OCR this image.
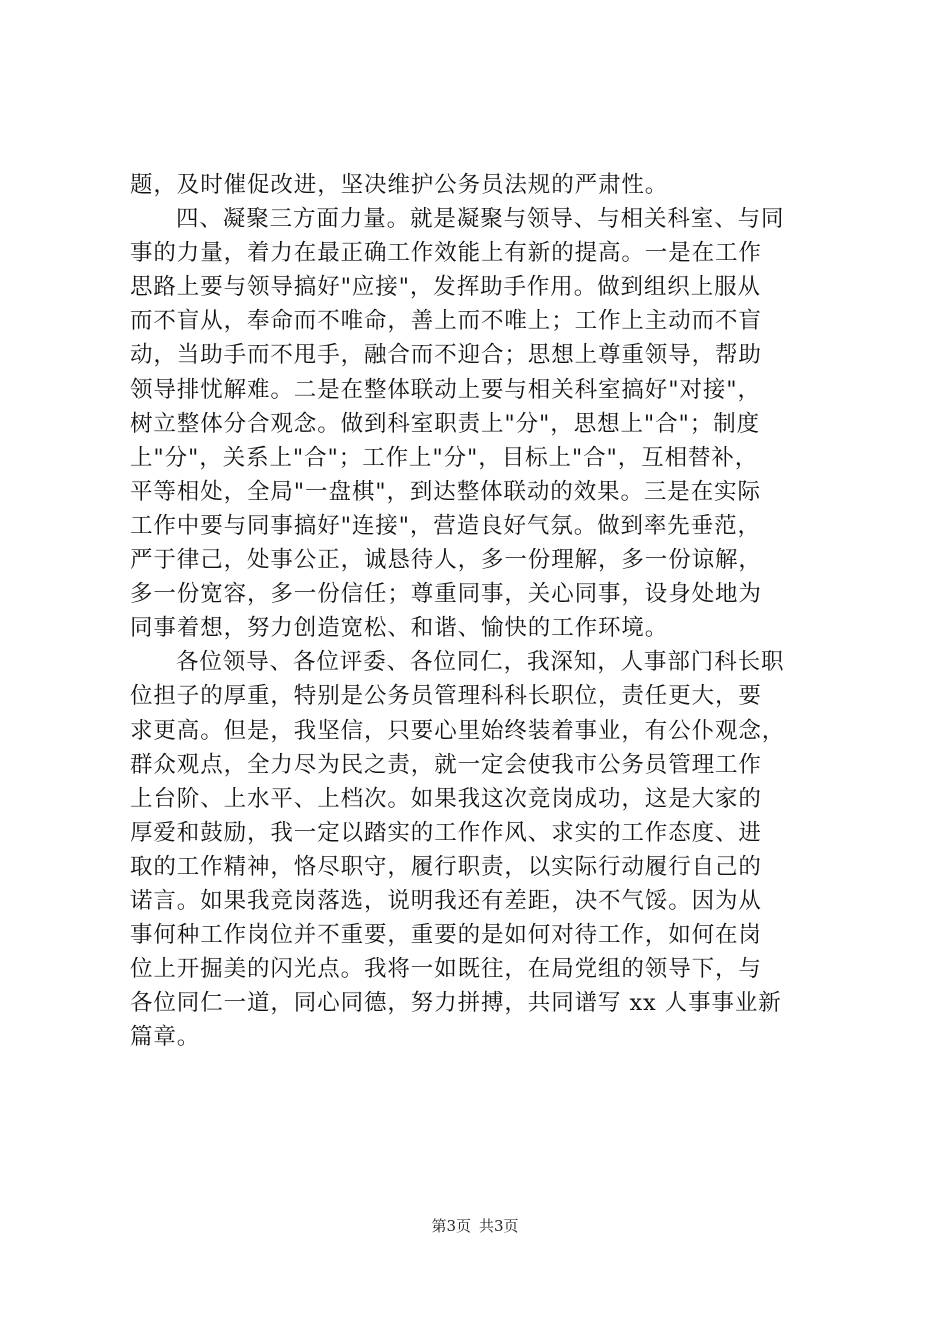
题，及时催促改进，坚决维护公务员法规的严肃性。
四、凝聚三方面力量。就是凝聚与领导、与相关科室、与同
事的力量，着力在最正确工作效能上有新的提高。一是在工作
思路上要与领导搞好"应接"，发挥助手作用。做到组织上服从
而不盲从，奉命而不唯命，善上而不唯上；工作上主动而不盲
动，当助手而不甩手，融合而不迎合；思想上尊重领导，帮助
领导排忧解难。二是在整体联动上要与相关科室搞好"对接"，
树立整体分合观念。做到科室职责上"分"，思想上"合"；制度
上"分"，关系上"合"；工作上"分"，目标上"合"，互相替补，
平等相处，全局"一盘棋"，到达整体联动的效果。三是在实际
工作中要与同事搞好"连接"，营造良好气氛。做到率先垂范，
严于律己，处事公正，诚恳待人，多一份理解，多一份谅解，
多一份宽容，多一份信任；尊重同事，关心同事，设身处地为
同事着想，努力创造宽松、和谐、愉快的工作环境。
各位领导、各位评委、各位同仁，我深知，人事部门科长职
位担子的厚重，特别是公务员管理科科长职位，责任更大，要
求更高。但是，我坚信，只要心里始终装着事业，有公仆观念，
群众观点，全力尽为民之责，就一定会使我市公务员管理工作
上台阶、上水平、上档次。如果我这次竞岗成功，这是大家的
厚爱和鼓励，我一定以踏实的工作作风、求实的工作态度、进
取的工作精神，恪尽职守，履行职责，以实际行动履行自己的
诺言。如果我竞岗落选，说明我还有差距，决不气馁。因为从
事何种工作岗位并不重要，重要的是如何对待工作，如何在岗
位上开掘美的闪光点。我将一如既往，在局党组的领导下，与
各位同仁一道，同心同德，努力拼搏，共同谱写 xx 人事事业新
篇章。
第3页 共3页
